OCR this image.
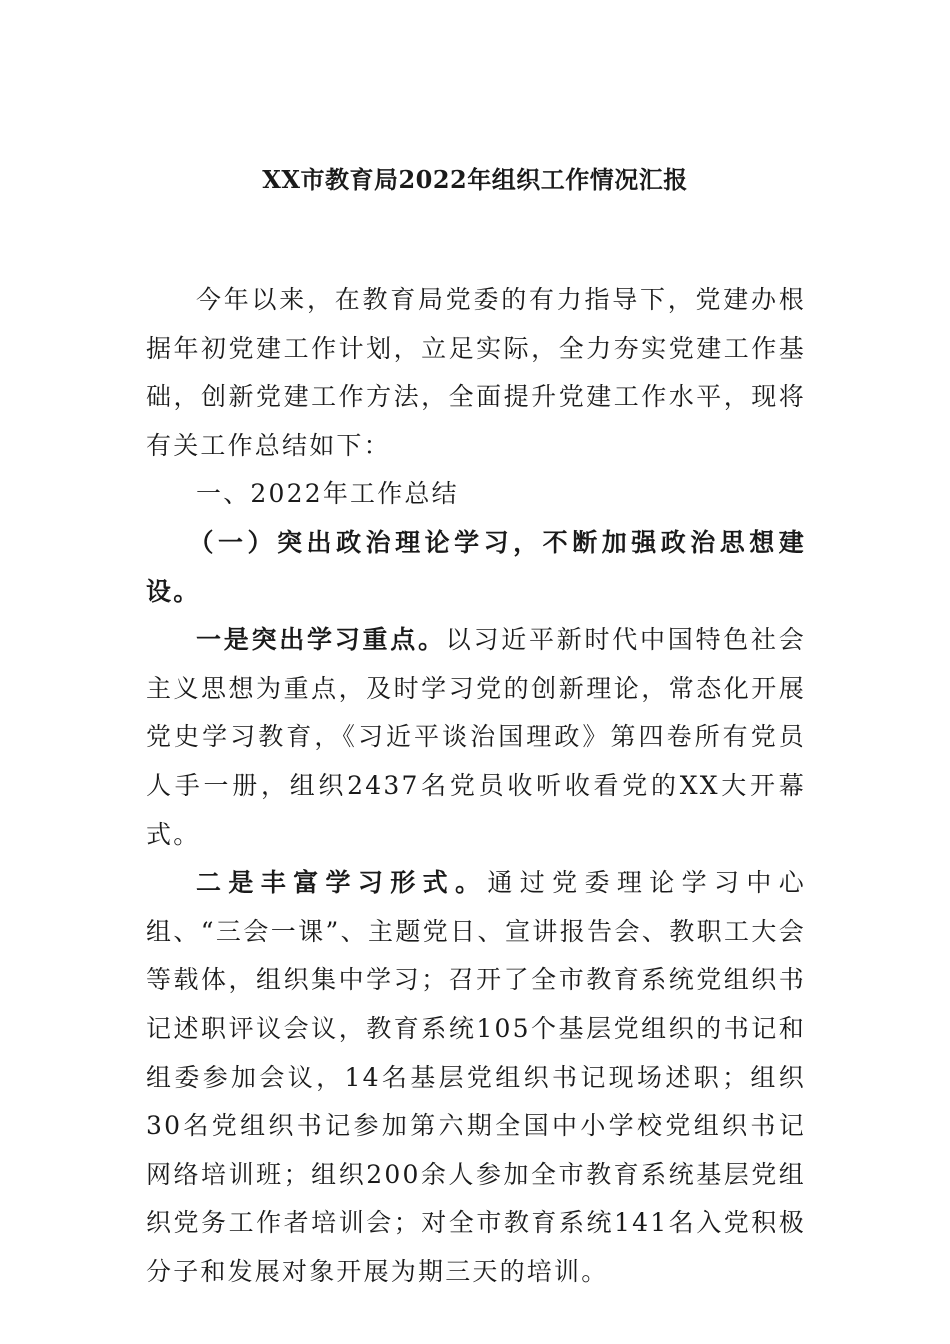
XX市教育局2022年组织工作情况汇报

今年以来，在教育局党委的有力指导下，党建办根据年初党建工作计划，立足实际，全力夯实党建工作基础，创新党建工作方法，全面提升党建工作水平，现将有关工作总结如下：

一、2022年工作总结

（一）突出政治理论学习，不断加强政治思想建设。

一是突出学习重点。以习近平新时代中国特色社会主义思想为重点，及时学习党的创新理论，常态化开展党史学习教育，《习近平谈治国理政》第四卷所有党员人手一册，组织2437名党员收听收看党的XX大开幕式。

二是丰富学习形式。通过党委理论学习中心组、“三会一课”、主题党日、宣讲报告会、教职工大会等载体，组织集中学习；召开了全市教育系统党组织书记述职评议会议，教育系统105个基层党组织的书记和组委参加会议，14名基层党组织书记现场述职；组织30名党组织书记参加第六期全国中小学校党组织书记网络培训班；组织200余人参加全市教育系统基层党组织党务工作者培训会；对全市教育系统141名入党积极分子和发展对象开展为期三天的培训。
